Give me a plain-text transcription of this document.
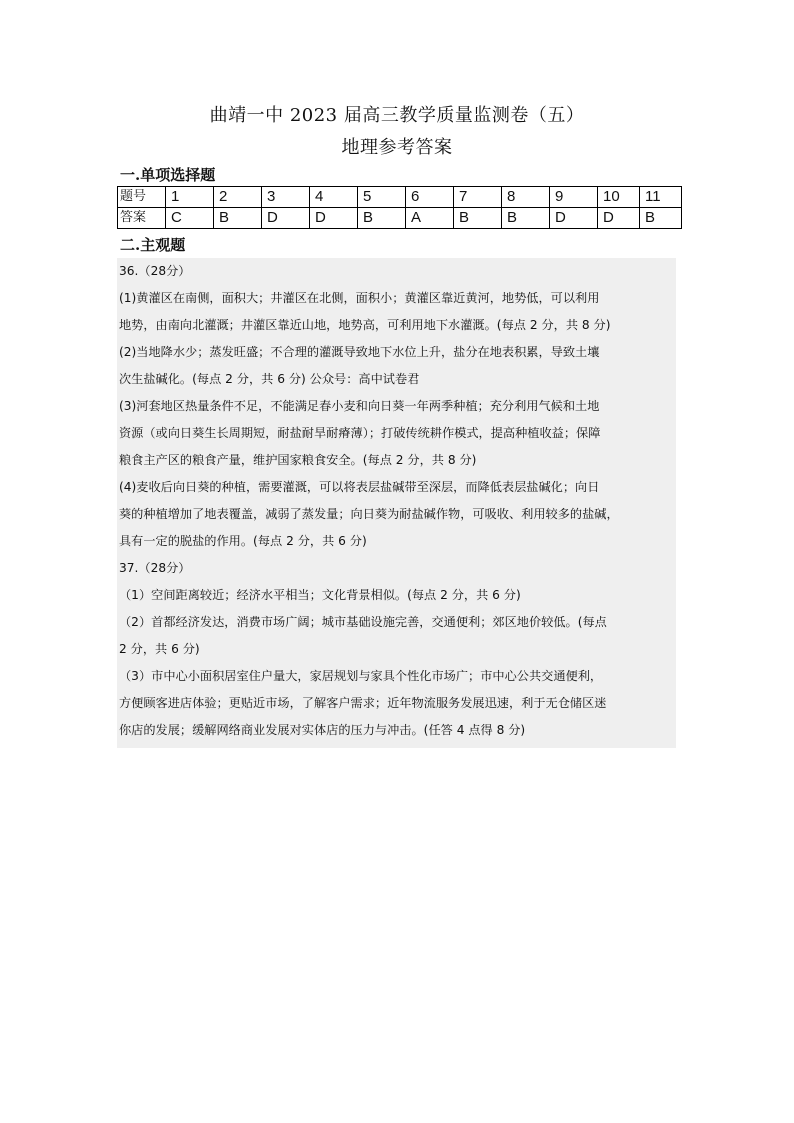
曲靖一中 2023 届高三教学质量监测卷（五）
地理参考答案
一.单项选择题
题号	1	2	3	4	5	6	7	8	9	10	11
答案	C	B	D	D	B	A	B	B	D	D	B
二.主观题

36.（28分）

(1)黄灌区在南侧，面积大；井灌区在北侧，面积小；黄灌区靠近黄河，地势低，可以利用

地势，由南向北灌溉；井灌区靠近山地，地势高，可利用地下水灌溉。(每点 2 分，共 8 分)

(2)当地降水少；蒸发旺盛；不合理的灌溉导致地下水位上升，盐分在地表积累，导致土壤

次生盐碱化。(每点 2 分，共 6 分) 公众号：高中试卷君

(3)河套地区热量条件不足，不能满足春小麦和向日葵一年两季种植；充分利用气候和土地

资源（或向日葵生长周期短，耐盐耐旱耐瘠薄）；打破传统耕作模式，提高种植收益；保障

粮食主产区的粮食产量，维护国家粮食安全。(每点 2 分，共 8 分)

(4)麦收后向日葵的种植，需要灌溉，可以将表层盐碱带至深层，而降低表层盐碱化；向日

葵的种植增加了地表覆盖，减弱了蒸发量；向日葵为耐盐碱作物，可吸收、利用较多的盐碱，

具有一定的脱盐的作用。(每点 2 分，共 6 分)

37.（28分）

（1）空间距离较近；经济水平相当；文化背景相似。(每点 2 分，共 6 分)

（2）首都经济发达，消费市场广阔；城市基础设施完善，交通便利；郊区地价较低。(每点

2 分，共 6 分)

（3）市中心小面积居室住户量大，家居规划与家具个性化市场广；市中心公共交通便利，

方便顾客进店体验；更贴近市场，了解客户需求；近年物流服务发展迅速，利于无仓储区迷

你店的发展；缓解网络商业发展对实体店的压力与冲击。(任答 4 点得 8 分)
